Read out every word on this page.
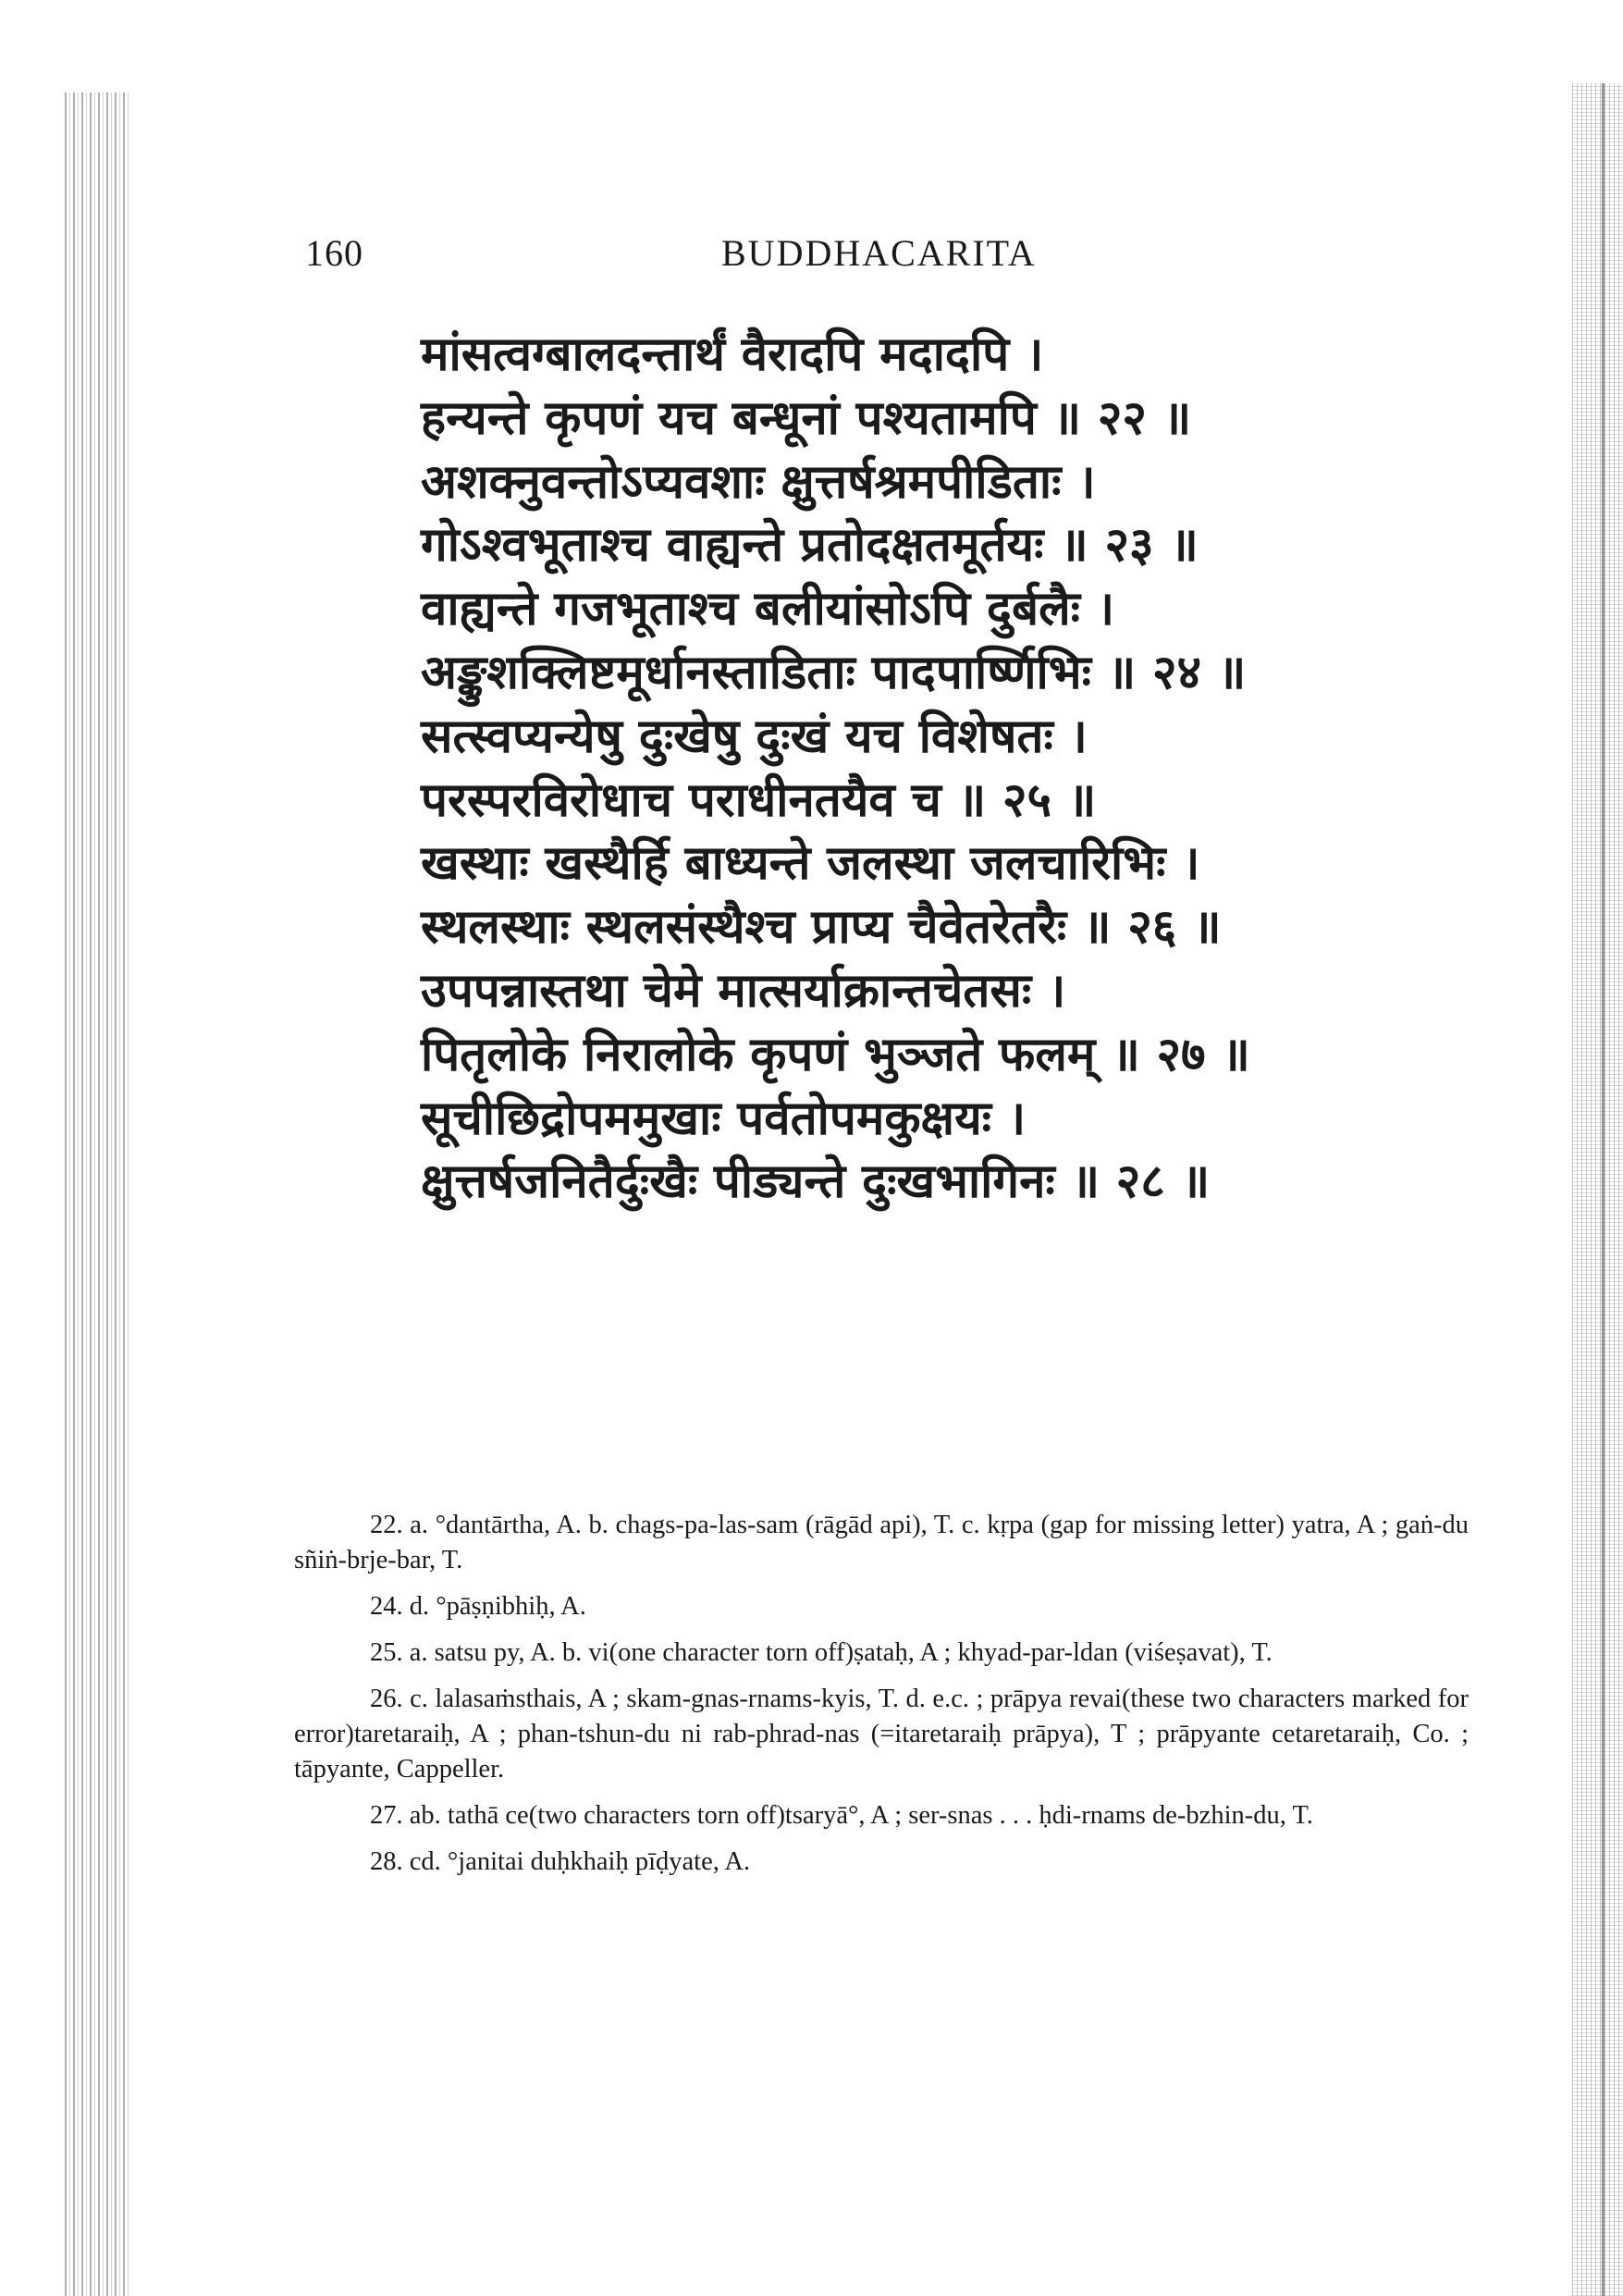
160	BUDDHACARITA
मांसत्वग्बालदन्तार्थं वैरादपि मदादपि ।
हन्यन्ते कृपणं यच बन्धूनां पश्यतामपि ॥ २२ ॥
अशक्नुवन्तोऽप्यवशाः क्षुत्तर्षश्रमपीडिताः ।
गोऽश्वभूताश्च वाह्यन्ते प्रतोदक्षतमूर्तयः ॥ २३ ॥
वाह्यन्ते गजभूताश्च बलीयांसोऽपि दुर्बलैः ।
अङ्कुशक्लिष्टमूर्धानस्ताडिताः पादपार्ष्णिभिः ॥ २४ ॥
सत्स्वप्यन्येषु दुःखेषु दुःखं यच विशेषतः ।
परस्परविरोधाच पराधीनतयैव च ॥ २५ ॥
खस्थाः खस्थैर्हि बाध्यन्ते जलस्था जलचारिभिः ।
स्थलस्थाः स्थलसंस्थैश्च प्राप्य चैवेतरेतरैः ॥ २६ ॥
उपपन्नास्तथा चेमे मात्सर्याक्रान्तचेतसः ।
पितृलोके निरालोके कृपणं भुञ्जते फलम् ॥ २७ ॥
सूचीछिद्रोपममुखाः पर्वतोपमकुक्षयः ।
क्षुत्तर्षजनितैर्दुःखैः पीड्यन्ते दुःखभागिनः ॥ २८ ॥

22. a. °dantārtha, A. b. chags-pa-las-sam (rāgād api), T. c. kṛpa (gap for missing letter) yatra, A ; gaṅ-du sñiṅ-brje-bar, T.

24. d. °pāṣṇibhiḥ, A.

25. a. satsu py, A. b. vi(one character torn off)ṣataḥ, A ; khyad-par-ldan (viśeṣavat), T.

26. c. lalasaṁsthais, A ; skam-gnas-rnams-kyis, T. d. e.c. ; prāpya revai(these two characters marked for error)taretaraiḥ, A ; phan-tshun-du ni rab-phrad-nas (=itaretaraiḥ prāpya), T ; prāpyante cetaretaraiḥ, Co. ; tāpyante, Cappeller.

27. ab. tathā ce(two characters torn off)tsaryā°, A ; ser-snas . . . ḥdi-rnams de-bzhin-du, T.

28. cd. °janitai duḥkhaiḥ pīḍyate, A.
